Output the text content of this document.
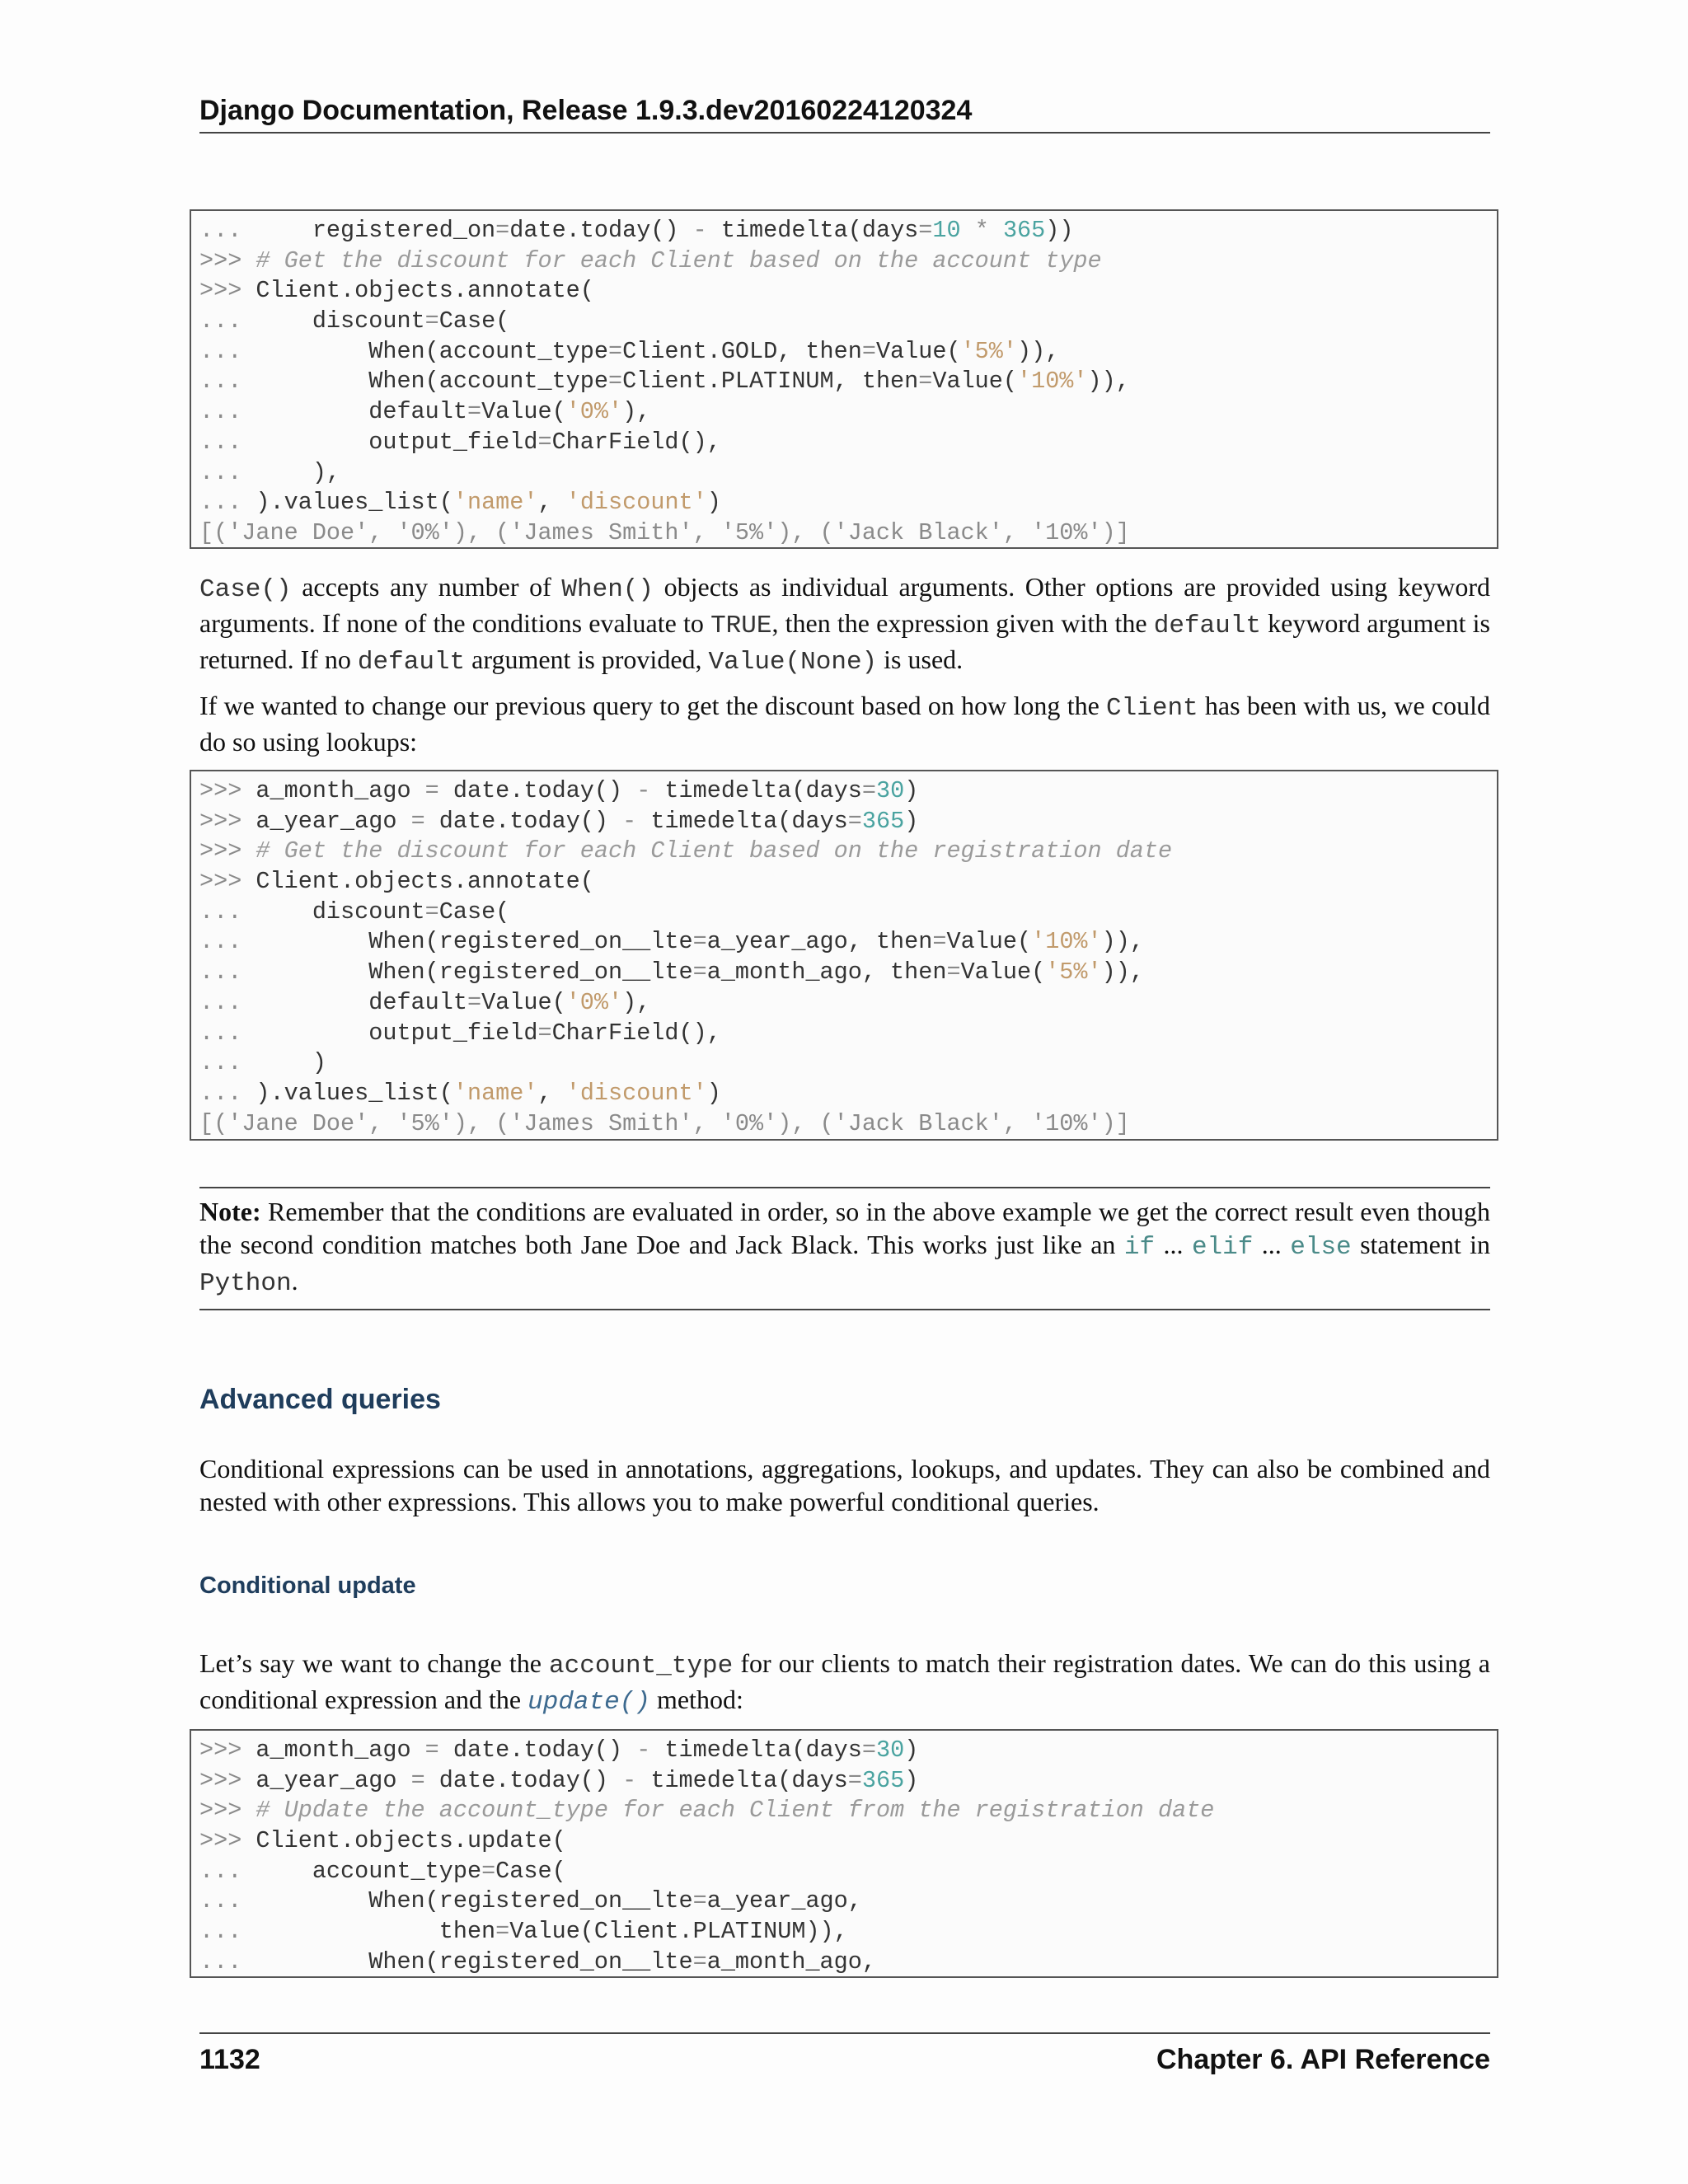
Django Documentation, Release 1.9.3.dev20160224120324
...     registered_on=date.today() - timedelta(days=10 * 365))
>>> # Get the discount for each Client based on the account type
>>> Client.objects.annotate(
...     discount=Case(
...         When(account_type=Client.GOLD, then=Value('5%')),
...         When(account_type=Client.PLATINUM, then=Value('10%')),
...         default=Value('0%'),
...         output_field=CharField(),
...     ),
... ).values_list('name', 'discount')
[('Jane Doe', '0%'), ('James Smith', '5%'), ('Jack Black', '10%')]

Case() accepts any number of When() objects as individual arguments. Other options are provided using keyword arguments. If none of the conditions evaluate to TRUE, then the expression given with the default keyword argument is returned. If no default argument is provided, Value(None) is used.

If we wanted to change our previous query to get the discount based on how long the Client has been with us, we could do so using lookups:

>>> a_month_ago = date.today() - timedelta(days=30)
>>> a_year_ago = date.today() - timedelta(days=365)
>>> # Get the discount for each Client based on the registration date
>>> Client.objects.annotate(
...     discount=Case(
...         When(registered_on__lte=a_year_ago, then=Value('10%')),
...         When(registered_on__lte=a_month_ago, then=Value('5%')),
...         default=Value('0%'),
...         output_field=CharField(),
...     )
... ).values_list('name', 'discount')
[('Jane Doe', '5%'), ('James Smith', '0%'), ('Jack Black', '10%')]
Note: Remember that the conditions are evaluated in order, so in the above example we get the correct result even though the second condition matches both Jane Doe and Jack Black. This works just like an if ... elif ... else statement in Python.
Advanced queries

Conditional expressions can be used in annotations, aggregations, lookups, and updates. They can also be combined and nested with other expressions. This allows you to make powerful conditional queries.

Conditional update

Let’s say we want to change the account_type for our clients to match their registration dates. We can do this using a conditional expression and the update() method:

>>> a_month_ago = date.today() - timedelta(days=30)
>>> a_year_ago = date.today() - timedelta(days=365)
>>> # Update the account_type for each Client from the registration date
>>> Client.objects.update(
...     account_type=Case(
...         When(registered_on__lte=a_year_ago,
...              then=Value(Client.PLATINUM)),
...         When(registered_on__lte=a_month_ago,
1132	Chapter 6. API Reference
